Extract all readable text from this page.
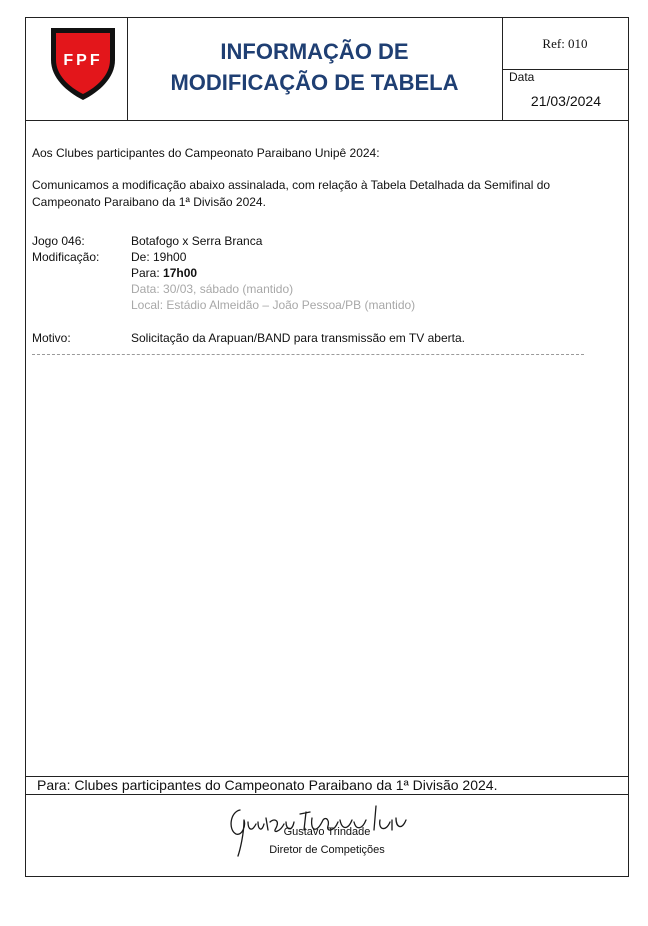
FPF	INFORMAÇÃO DE
MODIFICAÇÃO DE TABELA
Ref: 010
Data
21/03/2024
Aos Clubes participantes do Campeonato Paraibano Unipê 2024:
Comunicamos a modificação abaixo assinalada, com relação à Tabela Detalhada da Semifinal do
Campeonato Paraibano da 1ª Divisão 2024.
Jogo 046:	Botafogo x Serra Branca
Modificação:	De: 19h00
Para: 17h00
Data: 30/03, sábado (mantido)
Local: Estádio Almeidão – João Pessoa/PB (mantido)
Motivo:	Solicitação da Arapuan/BAND para transmissão em TV aberta.
Para: Clubes participantes do Campeonato Paraibano da 1ª Divisão 2024.
Gustavo Trindade
Diretor de Competições
